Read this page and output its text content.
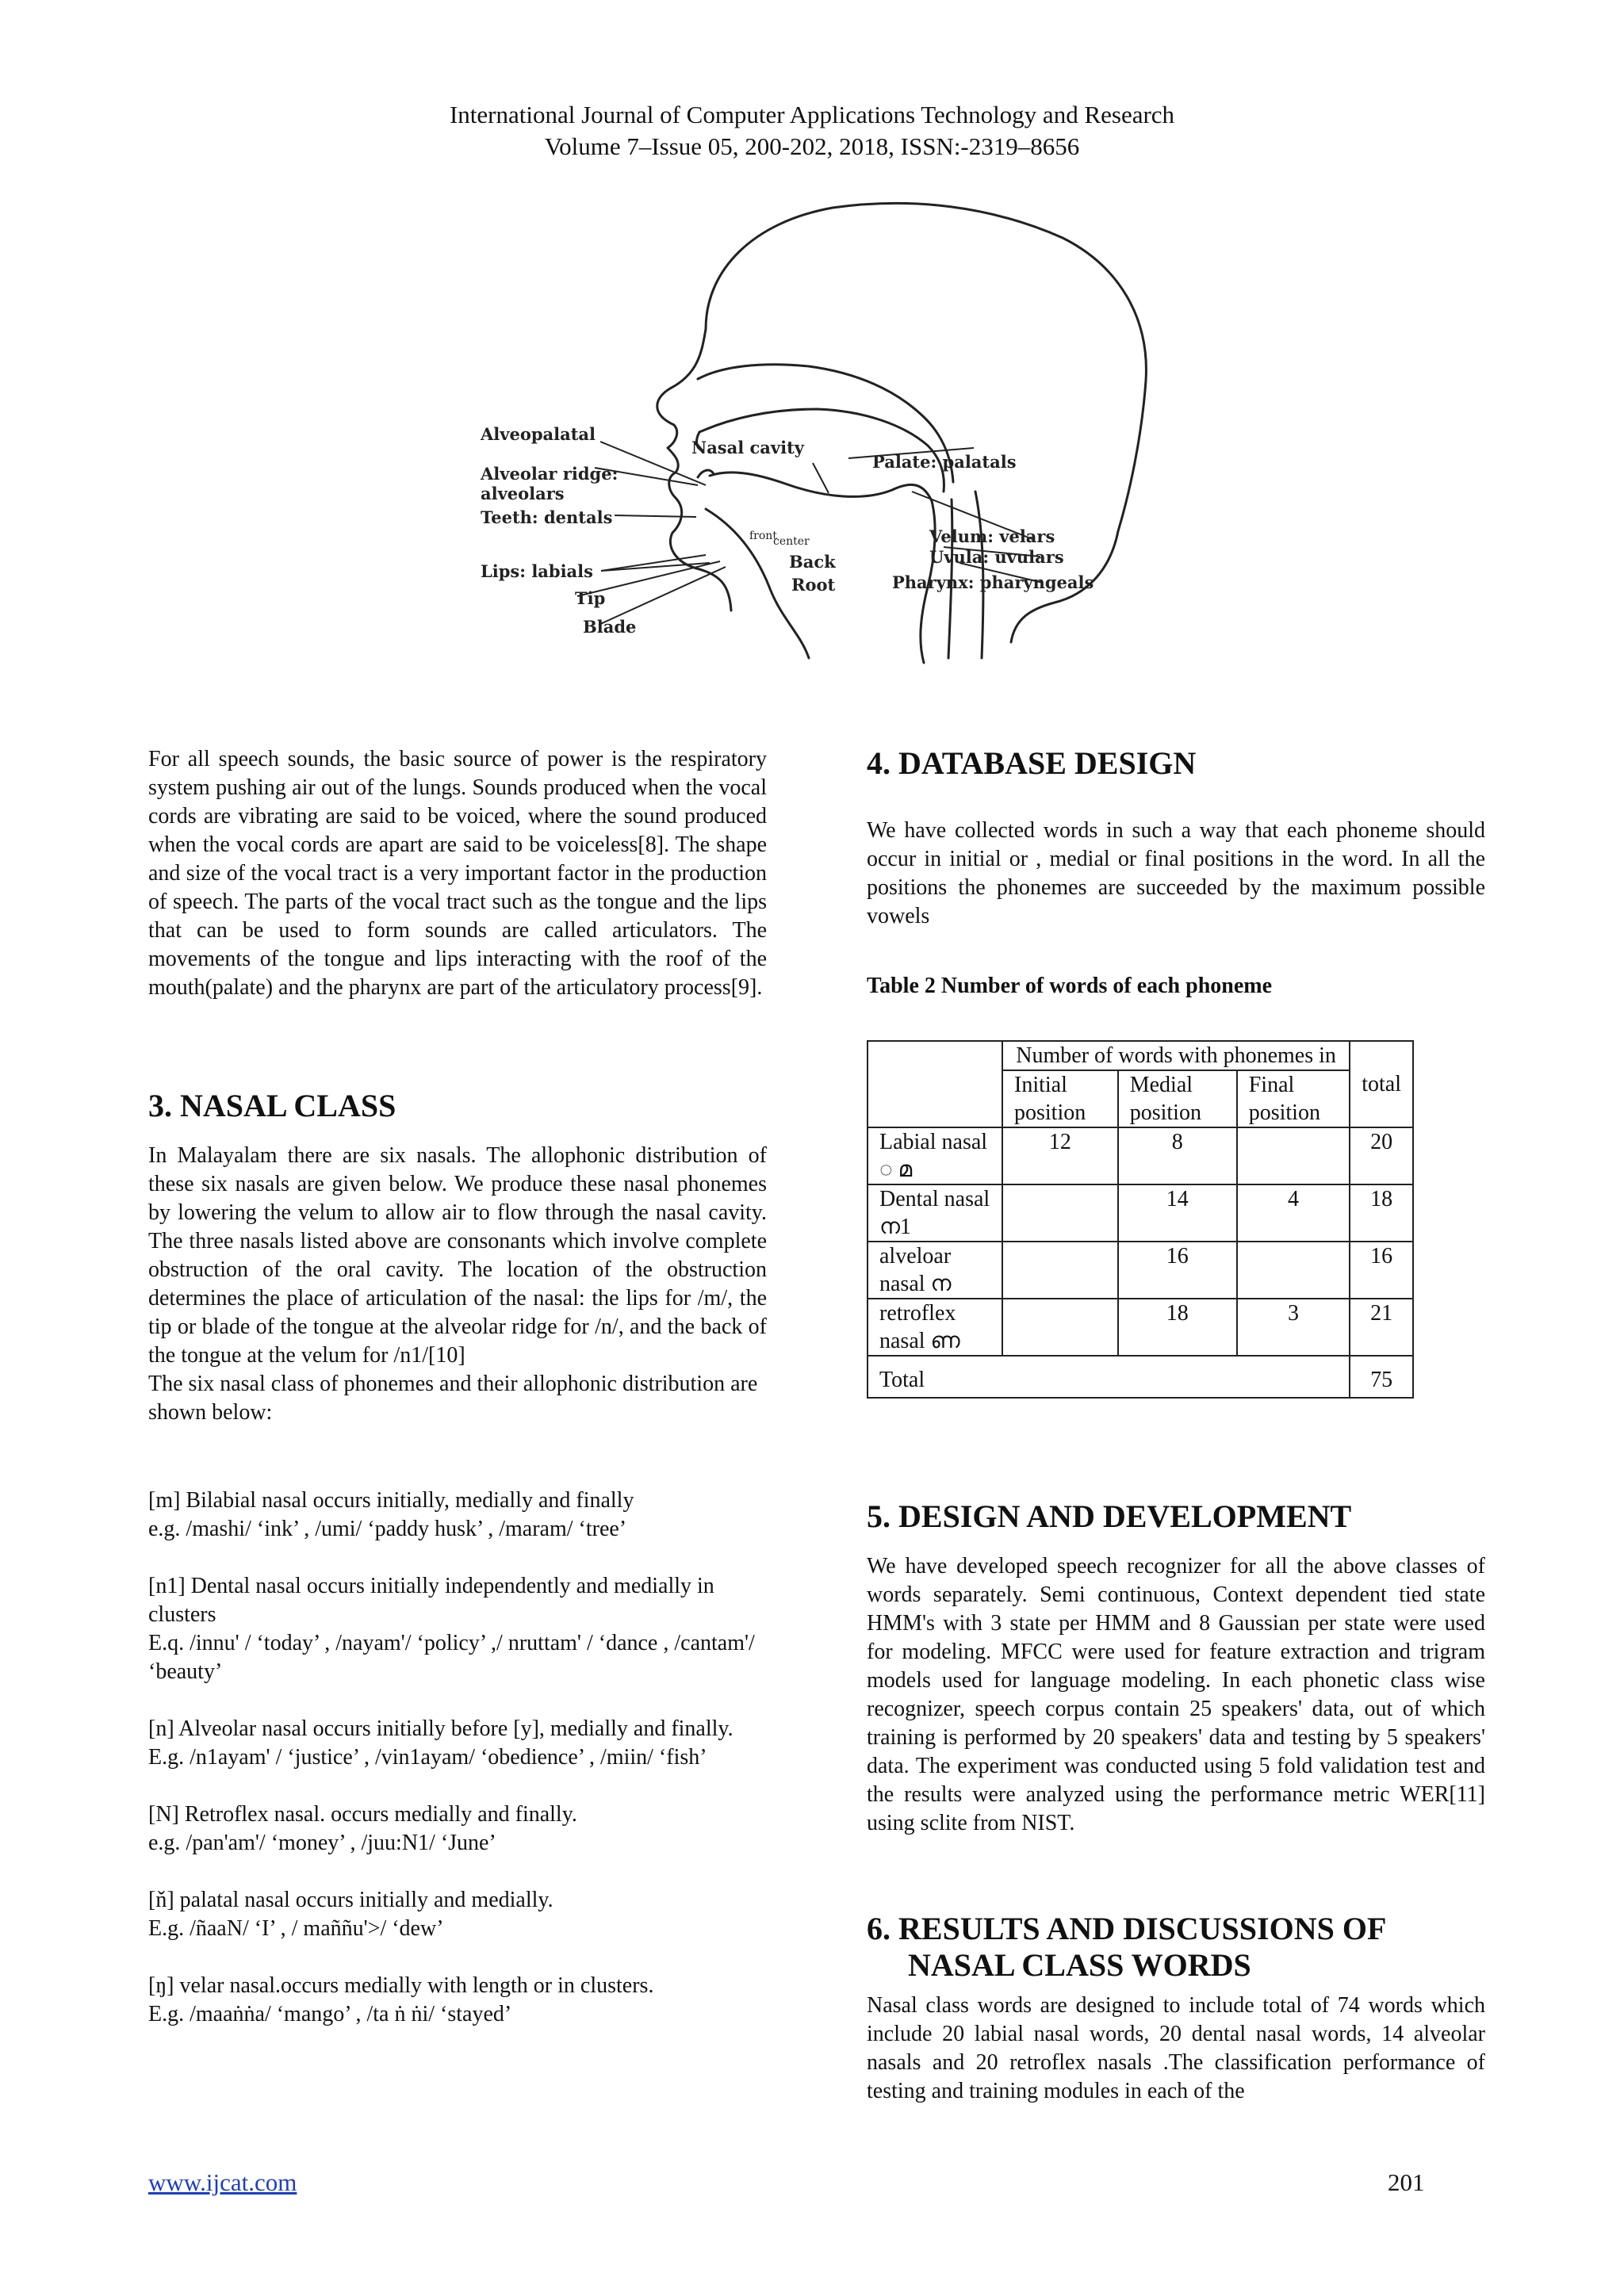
International Journal of Computer Applications Technology and Research
Volume 7–Issue 05, 200-202, 2018, ISSN:-2319–8656
Alveopalatal
Alveolar ridge:
alveolars
Teeth: dentals
Lips: labials
Tip
Blade
Nasal cavity
Palate: palatals
Velum: velars
Uvula: uvulars
Pharynx: pharyngeals
front
center
Back
Root
For all speech sounds, the basic source of power is the respiratory system pushing air out of the lungs. Sounds produced when the vocal cords are vibrating are said to be voiced, where the sound produced when the vocal cords are apart are said to be voiceless[8]. The shape and size of the vocal tract is a very important factor in the production of speech. The parts of the vocal tract such as the tongue and the lips that can be used to form sounds are called articulators. The movements of the tongue and lips interacting with the roof of the mouth(palate) and the pharynx are part of the articulatory process[9].
3. NASAL CLASS

In Malayalam there are six nasals. The allophonic distribution of these six nasals are given below. We produce these nasal phonemes by lowering the velum to allow air to flow through the nasal cavity. The three nasals listed above are consonants which involve complete obstruction of the oral cavity. The location of the obstruction determines the place of articulation of the nasal: the lips for /m/, the tip or blade of the tongue at the alveolar ridge for /n/, and the back of the tongue at the velum for /n1/[10]

The six nasal class of phonemes and their allophonic distribution are shown below:

[m] Bilabial nasal occurs initially, medially and finally

e.g. /mashi/ ‘ink’ , /umi/ ‘paddy husk’ , /maram/ ‘tree’

[n1] Dental nasal occurs initially independently and medially in clusters

E.q. /innu' / ‘today’ , /nayam'/ ‘policy’ ,/ nruttam' / ‘dance , /cantam'/ ‘beauty’

[n] Alveolar nasal occurs initially before [y], medially and finally.

E.g. /n1ayam' / ‘justice’ , /vin1ayam/ ‘obedience’ , /miin/ ‘fish’

[N] Retroflex nasal. occurs medially and finally.

e.g. /pan'am'/ ‘money’ , /juu:N1/ ‘June’

[ň] palatal nasal occurs initially and medially.

E.g. /ñaaN/ ‘I’ , / maññu'>/ ‘dew’

[ŋ] velar nasal.occurs medially with length or in clusters.

E.g. /maaṅṅa/ ‘mango’ , /ta ṅ ṅi/ ‘stayed’

4. DATABASE DESIGN
We have collected words in such a way that each phoneme should occur in initial or , medial or final positions in the word. In all the positions the phonemes are succeeded by the maximum possible vowels
Table 2 Number of words of each phoneme
	Number of words with phonemes in			total
	Initial position	Medial position	Final position	
Labial nasal ◌ മ	12	8		20
Dental nasal ന1		14	4	18
alveloar nasal ന		16		16
retroflex nasal ണ		18	3	21
Total				75
5. DESIGN AND DEVELOPMENT
We have developed speech recognizer for all the above classes of words separately. Semi continuous, Context dependent tied state HMM's with 3 state per HMM and 8 Gaussian per state were used for modeling. MFCC were used for feature extraction and trigram models used for language modeling. In each phonetic class wise recognizer, speech corpus contain 25 speakers' data, out of which training is performed by 20 speakers' data and testing by 5 speakers' data. The experiment was conducted using 5 fold validation test and the results were analyzed using the performance metric WER[11] using sclite from NIST.
6. RESULTS AND DISCUSSIONS OF
NASAL CLASS WORDS
Nasal class words are designed to include total of 74 words which include 20 labial nasal words, 20 dental nasal words, 14 alveolar nasals and 20 retroflex nasals .The classification performance of testing and training modules in each of the
www.ijcat.com	201
